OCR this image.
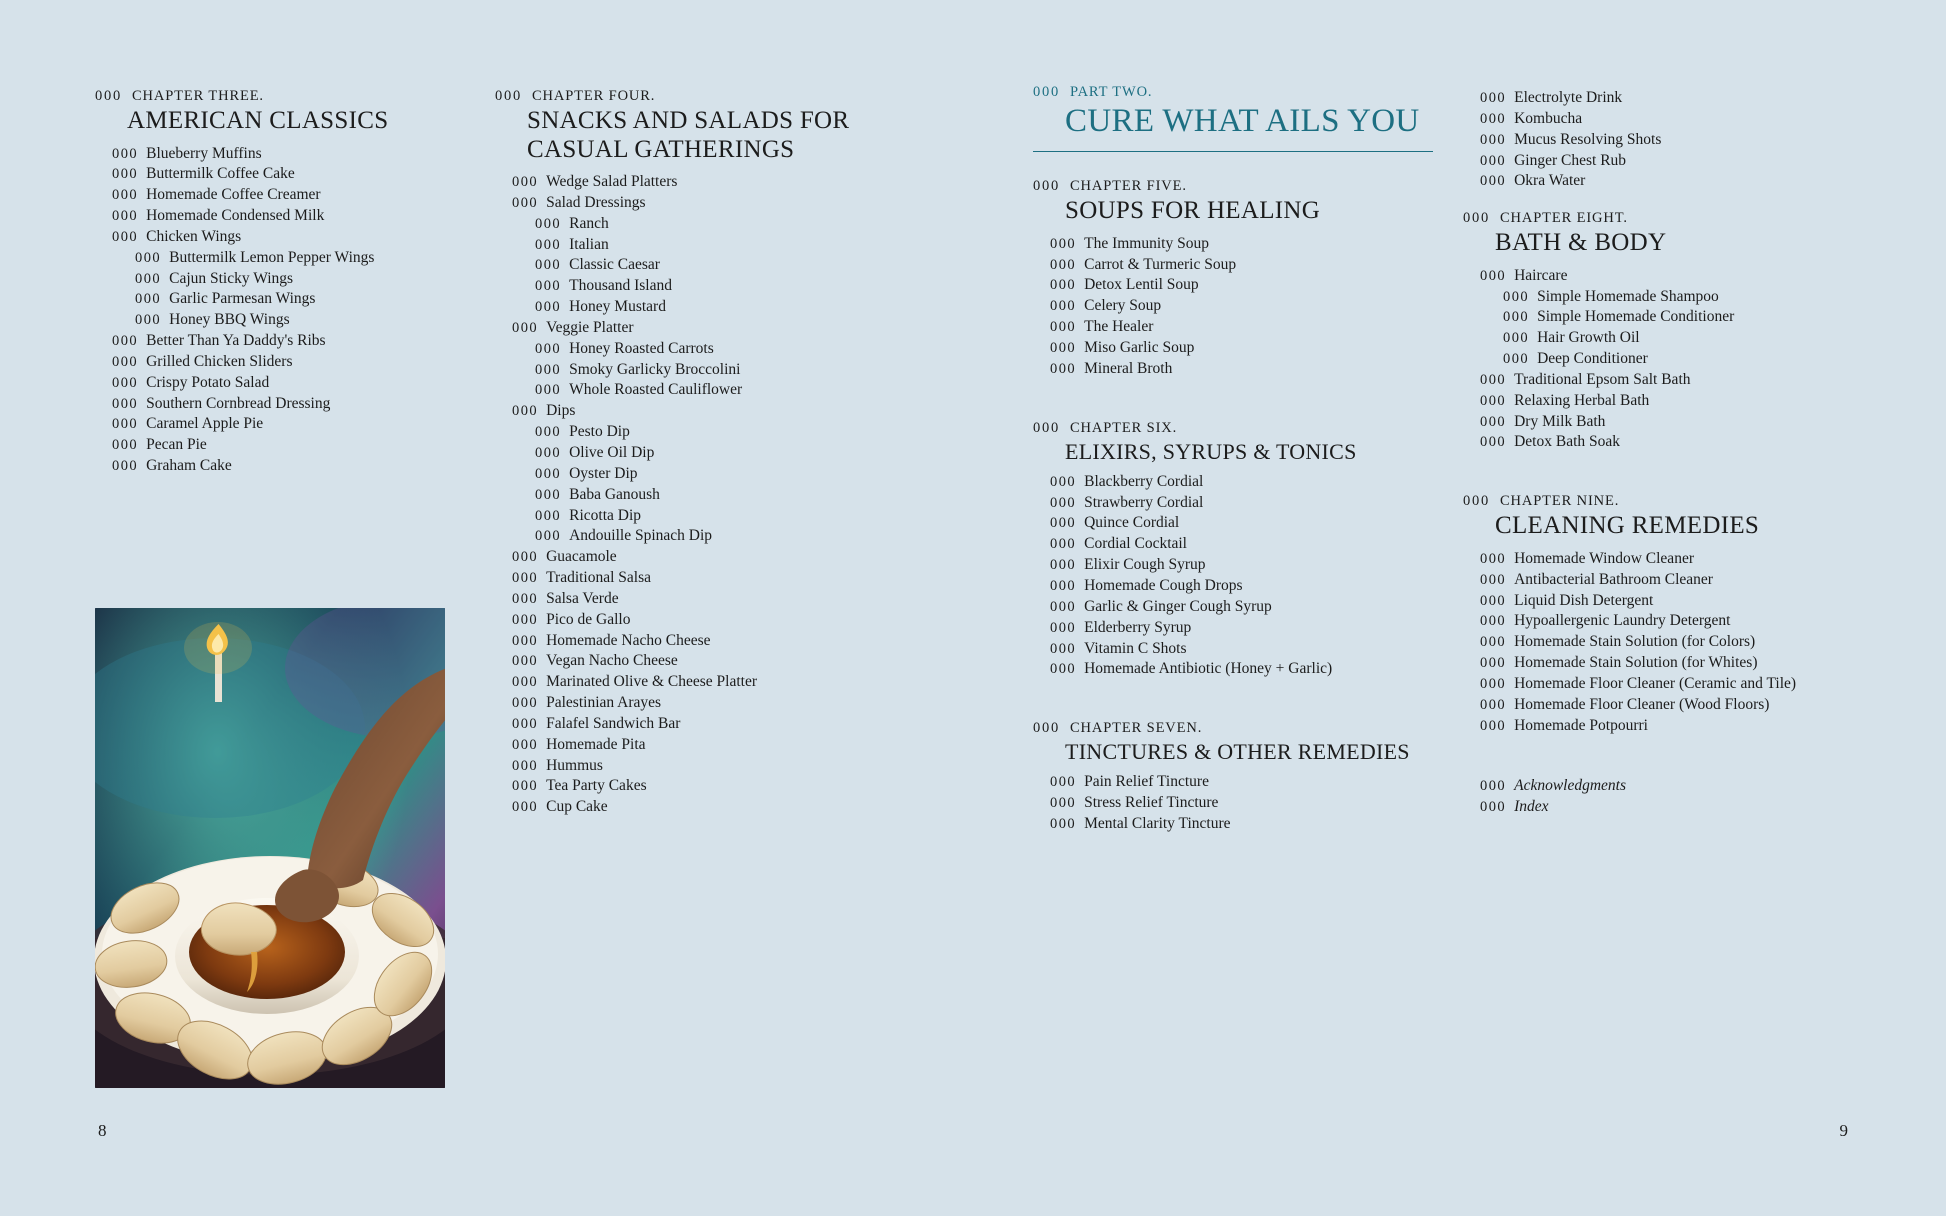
000 CHAPTER THREE.
AMERICAN CLASSICS
000 Blueberry Muffins
000 Buttermilk Coffee Cake
000 Homemade Coffee Creamer
000 Homemade Condensed Milk
000 Chicken Wings
000 Buttermilk Lemon Pepper Wings
000 Cajun Sticky Wings
000 Garlic Parmesan Wings
000 Honey BBQ Wings
000 Better Than Ya Daddy's Ribs
000 Grilled Chicken Sliders
000 Crispy Potato Salad
000 Southern Cornbread Dressing
000 Caramel Apple Pie
000 Pecan Pie
000 Graham Cake
000 CHAPTER FOUR.
SNACKS AND SALADS FOR CASUAL GATHERINGS
000 Wedge Salad Platters
000 Salad Dressings
000 Ranch
000 Italian
000 Classic Caesar
000 Thousand Island
000 Honey Mustard
000 Veggie Platter
000 Honey Roasted Carrots
000 Smoky Garlicky Broccolini
000 Whole Roasted Cauliflower
000 Dips
000 Pesto Dip
000 Olive Oil Dip
000 Oyster Dip
000 Baba Ganoush
000 Ricotta Dip
000 Andouille Spinach Dip
000 Guacamole
000 Traditional Salsa
000 Salsa Verde
000 Pico de Gallo
000 Homemade Nacho Cheese
000 Vegan Nacho Cheese
000 Marinated Olive & Cheese Platter
000 Palestinian Arayes
000 Falafel Sandwich Bar
000 Homemade Pita
000 Hummus
000 Tea Party Cakes
000 Cup Cake
000 PART TWO.
CURE WHAT AILS YOU
000 CHAPTER FIVE.
SOUPS FOR HEALING
000 The Immunity Soup
000 Carrot & Turmeric Soup
000 Detox Lentil Soup
000 Celery Soup
000 The Healer
000 Miso Garlic Soup
000 Mineral Broth
000 CHAPTER SIX.
ELIXIRS, SYRUPS & TONICS
000 Blackberry Cordial
000 Strawberry Cordial
000 Quince Cordial
000 Cordial Cocktail
000 Elixir Cough Syrup
000 Homemade Cough Drops
000 Garlic & Ginger Cough Syrup
000 Elderberry Syrup
000 Vitamin C Shots
000 Homemade Antibiotic (Honey + Garlic)
000 CHAPTER SEVEN.
TINCTURES & OTHER REMEDIES
000 Pain Relief Tincture
000 Stress Relief Tincture
000 Mental Clarity Tincture
000 Electrolyte Drink
000 Kombucha
000 Mucus Resolving Shots
000 Ginger Chest Rub
000 Okra Water
000 CHAPTER EIGHT.
BATH & BODY
000 Haircare
000 Simple Homemade Shampoo
000 Simple Homemade Conditioner
000 Hair Growth Oil
000 Deep Conditioner
000 Traditional Epsom Salt Bath
000 Relaxing Herbal Bath
000 Dry Milk Bath
000 Detox Bath Soak
000 CHAPTER NINE.
CLEANING REMEDIES
000 Homemade Window Cleaner
000 Antibacterial Bathroom Cleaner
000 Liquid Dish Detergent
000 Hypoallergenic Laundry Detergent
000 Homemade Stain Solution (for Colors)
000 Homemade Stain Solution (for Whites)
000 Homemade Floor Cleaner (Ceramic and Tile)
000 Homemade Floor Cleaner (Wood Floors)
000 Homemade Potpourri
000 Acknowledgments
000 Index
8	9
